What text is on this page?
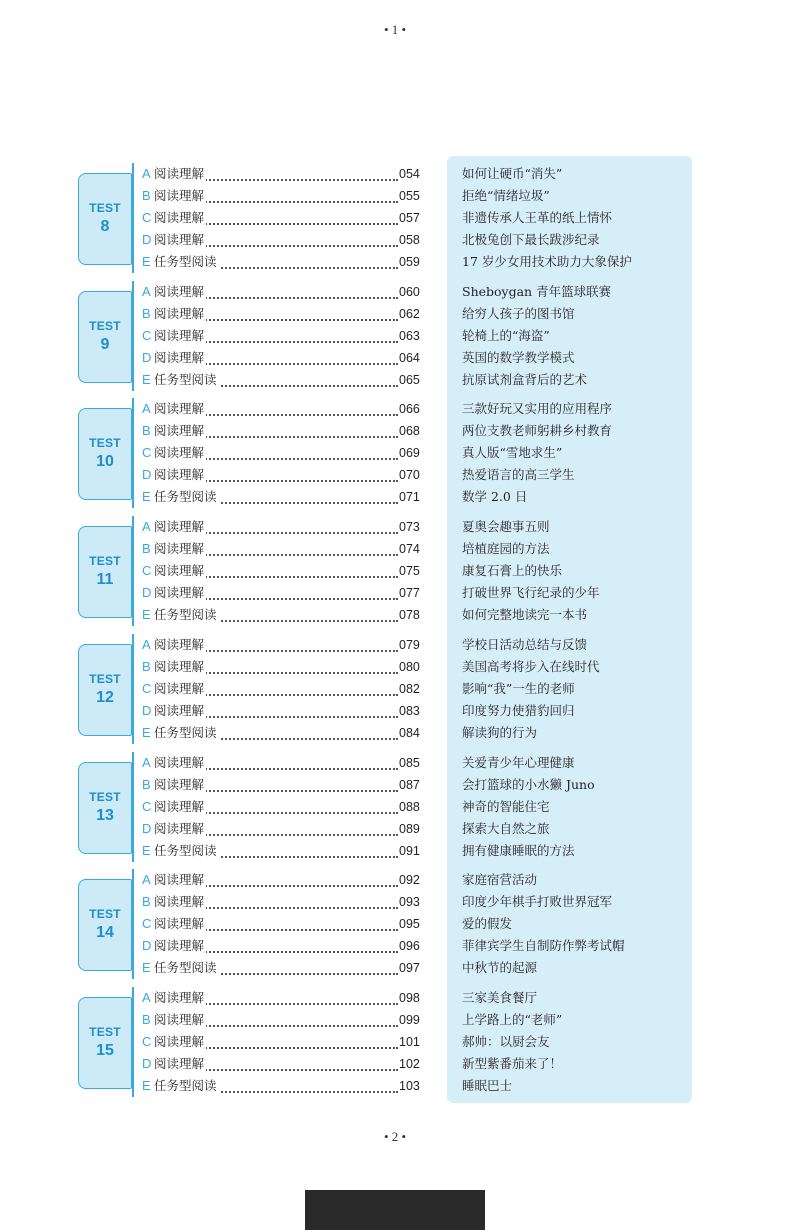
• 1 •
TEST
8
A 阅读理解	054	如何让硬币“消失”
B 阅读理解	055	拒绝“情绪垃圾”
C 阅读理解	057	非遗传承人王革的纸上情怀
D 阅读理解	058	北极兔创下最长跋涉纪录
E 任务型阅读	059	17 岁少女用技术助力大象保护
TEST
9
A 阅读理解	060	Sheboygan 青年篮球联赛
B 阅读理解	062	给穷人孩子的图书馆
C 阅读理解	063	轮椅上的“海盗”
D 阅读理解	064	英国的数学教学模式
E 任务型阅读	065	抗原试剂盒背后的艺术
TEST
10
A 阅读理解	066	三款好玩又实用的应用程序
B 阅读理解	068	两位支教老师躬耕乡村教育
C 阅读理解	069	真人版“雪地求生”
D 阅读理解	070	热爱语言的高三学生
E 任务型阅读	071	数学 2.0 日
TEST
11
A 阅读理解	073	夏奥会趣事五则
B 阅读理解	074	培植庭园的方法
C 阅读理解	075	康复石膏上的快乐
D 阅读理解	077	打破世界飞行纪录的少年
E 任务型阅读	078	如何完整地读完一本书
TEST
12
A 阅读理解	079	学校日活动总结与反馈
B 阅读理解	080	美国高考将步入在线时代
C 阅读理解	082	影响“我”一生的老师
D 阅读理解	083	印度努力使猎豹回归
E 任务型阅读	084	解读狗的行为
TEST
13
A 阅读理解	085	关爱青少年心理健康
B 阅读理解	087	会打篮球的小水獭 Juno
C 阅读理解	088	神奇的智能住宅
D 阅读理解	089	探索大自然之旅
E 任务型阅读	091	拥有健康睡眠的方法
TEST
14
A 阅读理解	092	家庭宿营活动
B 阅读理解	093	印度少年棋手打败世界冠军
C 阅读理解	095	爱的假发
D 阅读理解	096	菲律宾学生自制防作弊考试帽
E 任务型阅读	097	中秋节的起源
TEST
15
A 阅读理解	098	三家美食餐厅
B 阅读理解	099	上学路上的“老师”
C 阅读理解	101	郝帅：以厨会友
D 阅读理解	102	新型紫番茄来了！
E 任务型阅读	103	睡眠巴士
• 2 •
